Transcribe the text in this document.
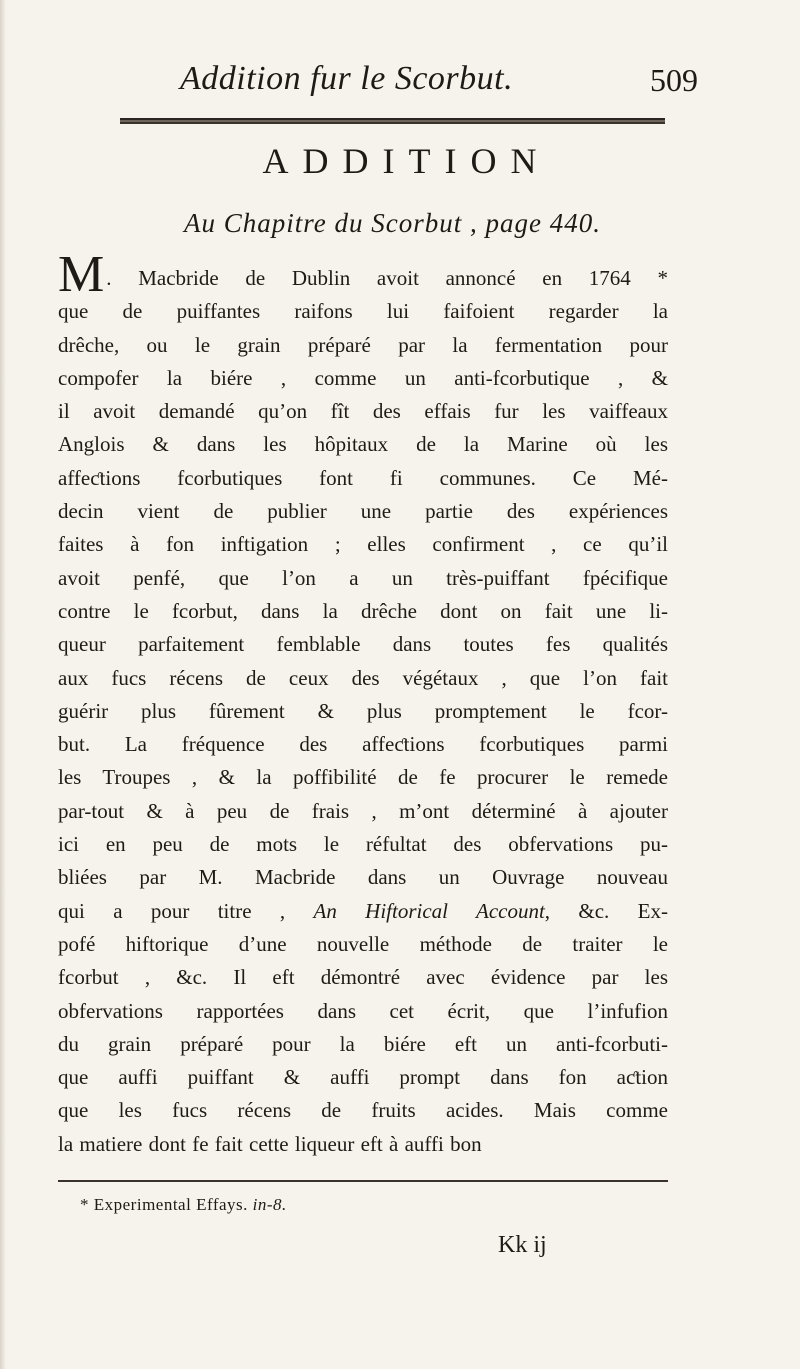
Addition fur le Scorbut.	509
ADDITION
Au Chapitre du Scorbut , page 440.
M. Macbride de Dublin avoit annoncé en 1764 *
que de puiffantes raifons lui faifoient regarder la
drêche, ou le grain préparé par la fermentation pour
compofer la biére , comme un anti-fcorbutique , &
il avoit demandé qu’on fît des effais fur les vaiffeaux
Anglois & dans les hôpitaux de la Marine où les
affeƈtions fcorbutiques font fi communes. Ce Mé-
decin vient de publier une partie des expériences
faites à fon inftigation ; elles confirment , ce qu’il
avoit penfé, que l’on a un très-puiffant fpécifique
contre le fcorbut, dans la drêche dont on fait une li-
queur parfaitement femblable dans toutes fes qualités
aux fucs récens de ceux des végétaux , que l’on fait
guérir plus fûrement & plus promptement le fcor-
but. La fréquence des affeƈtions fcorbutiques parmi
les Troupes , & la poffibilité de fe procurer le remede
par-tout & à peu de frais , m’ont déterminé à ajouter
ici en peu de mots le réfultat des obfervations pu-
bliées par M. Macbride dans un Ouvrage nouveau
qui a pour titre , An Hiftorical Account, &c. Ex-
pofé hiftorique d’une nouvelle méthode de traiter le
fcorbut , &c. Il eft démontré avec évidence par les
obfervations rapportées dans cet écrit, que l’infufion
du grain préparé pour la biére eft un anti-fcorbuti-
que auffi puiffant & auffi prompt dans fon aƈtion
que les fucs récens de fruits acides. Mais comme
la matiere dont fe fait cette liqueur eft à auffi bon
* Experimental Effays. in-8.
Kk ij
